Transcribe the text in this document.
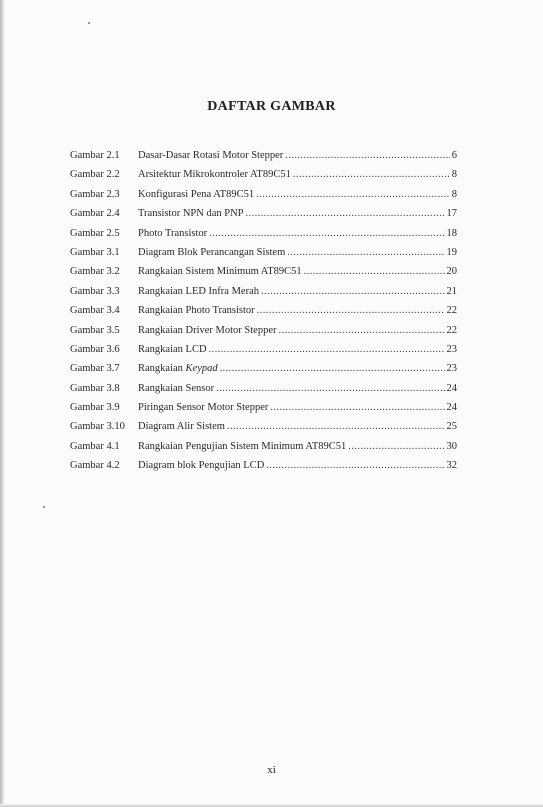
DAFTAR GAMBAR
Gambar 2.1	Dasar-Dasar Rotasi Motor Stepper .....	6
Gambar 2.2	Arsitektur Mikrokontroler AT89C51 .....	8
Gambar 2.3	Konfigurasi Pena AT89C51 .....	8
Gambar 2.4	Transistor NPN dan PNP .....	17
Gambar 2.5	Photo Transistor .....	18
Gambar 3.1	Diagram Blok Perancangan Sistem .....	19
Gambar 3.2	Rangkaian Sistem Minimum AT89C51 .....	20
Gambar 3.3	Rangkaian LED Infra Merah .....	21
Gambar 3.4	Rangkaian Photo Transistor .....	22
Gambar 3.5	Rangkaian Driver Motor Stepper .....	22
Gambar 3.6	Rangkaian LCD .....	23
Gambar 3.7	Rangkaian Keypad .....	23
Gambar 3.8	Rangkaian Sensor .....	24
Gambar 3.9	Piringan Sensor Motor Stepper .....	24
Gambar 3.10	Diagram Alir Sistem .....	25
Gambar 4.1	Rangkaian Pengujian Sistem Minimum AT89C51 .....	30
Gambar 4.2	Diagram blok Pengujian LCD .....	32
xi
